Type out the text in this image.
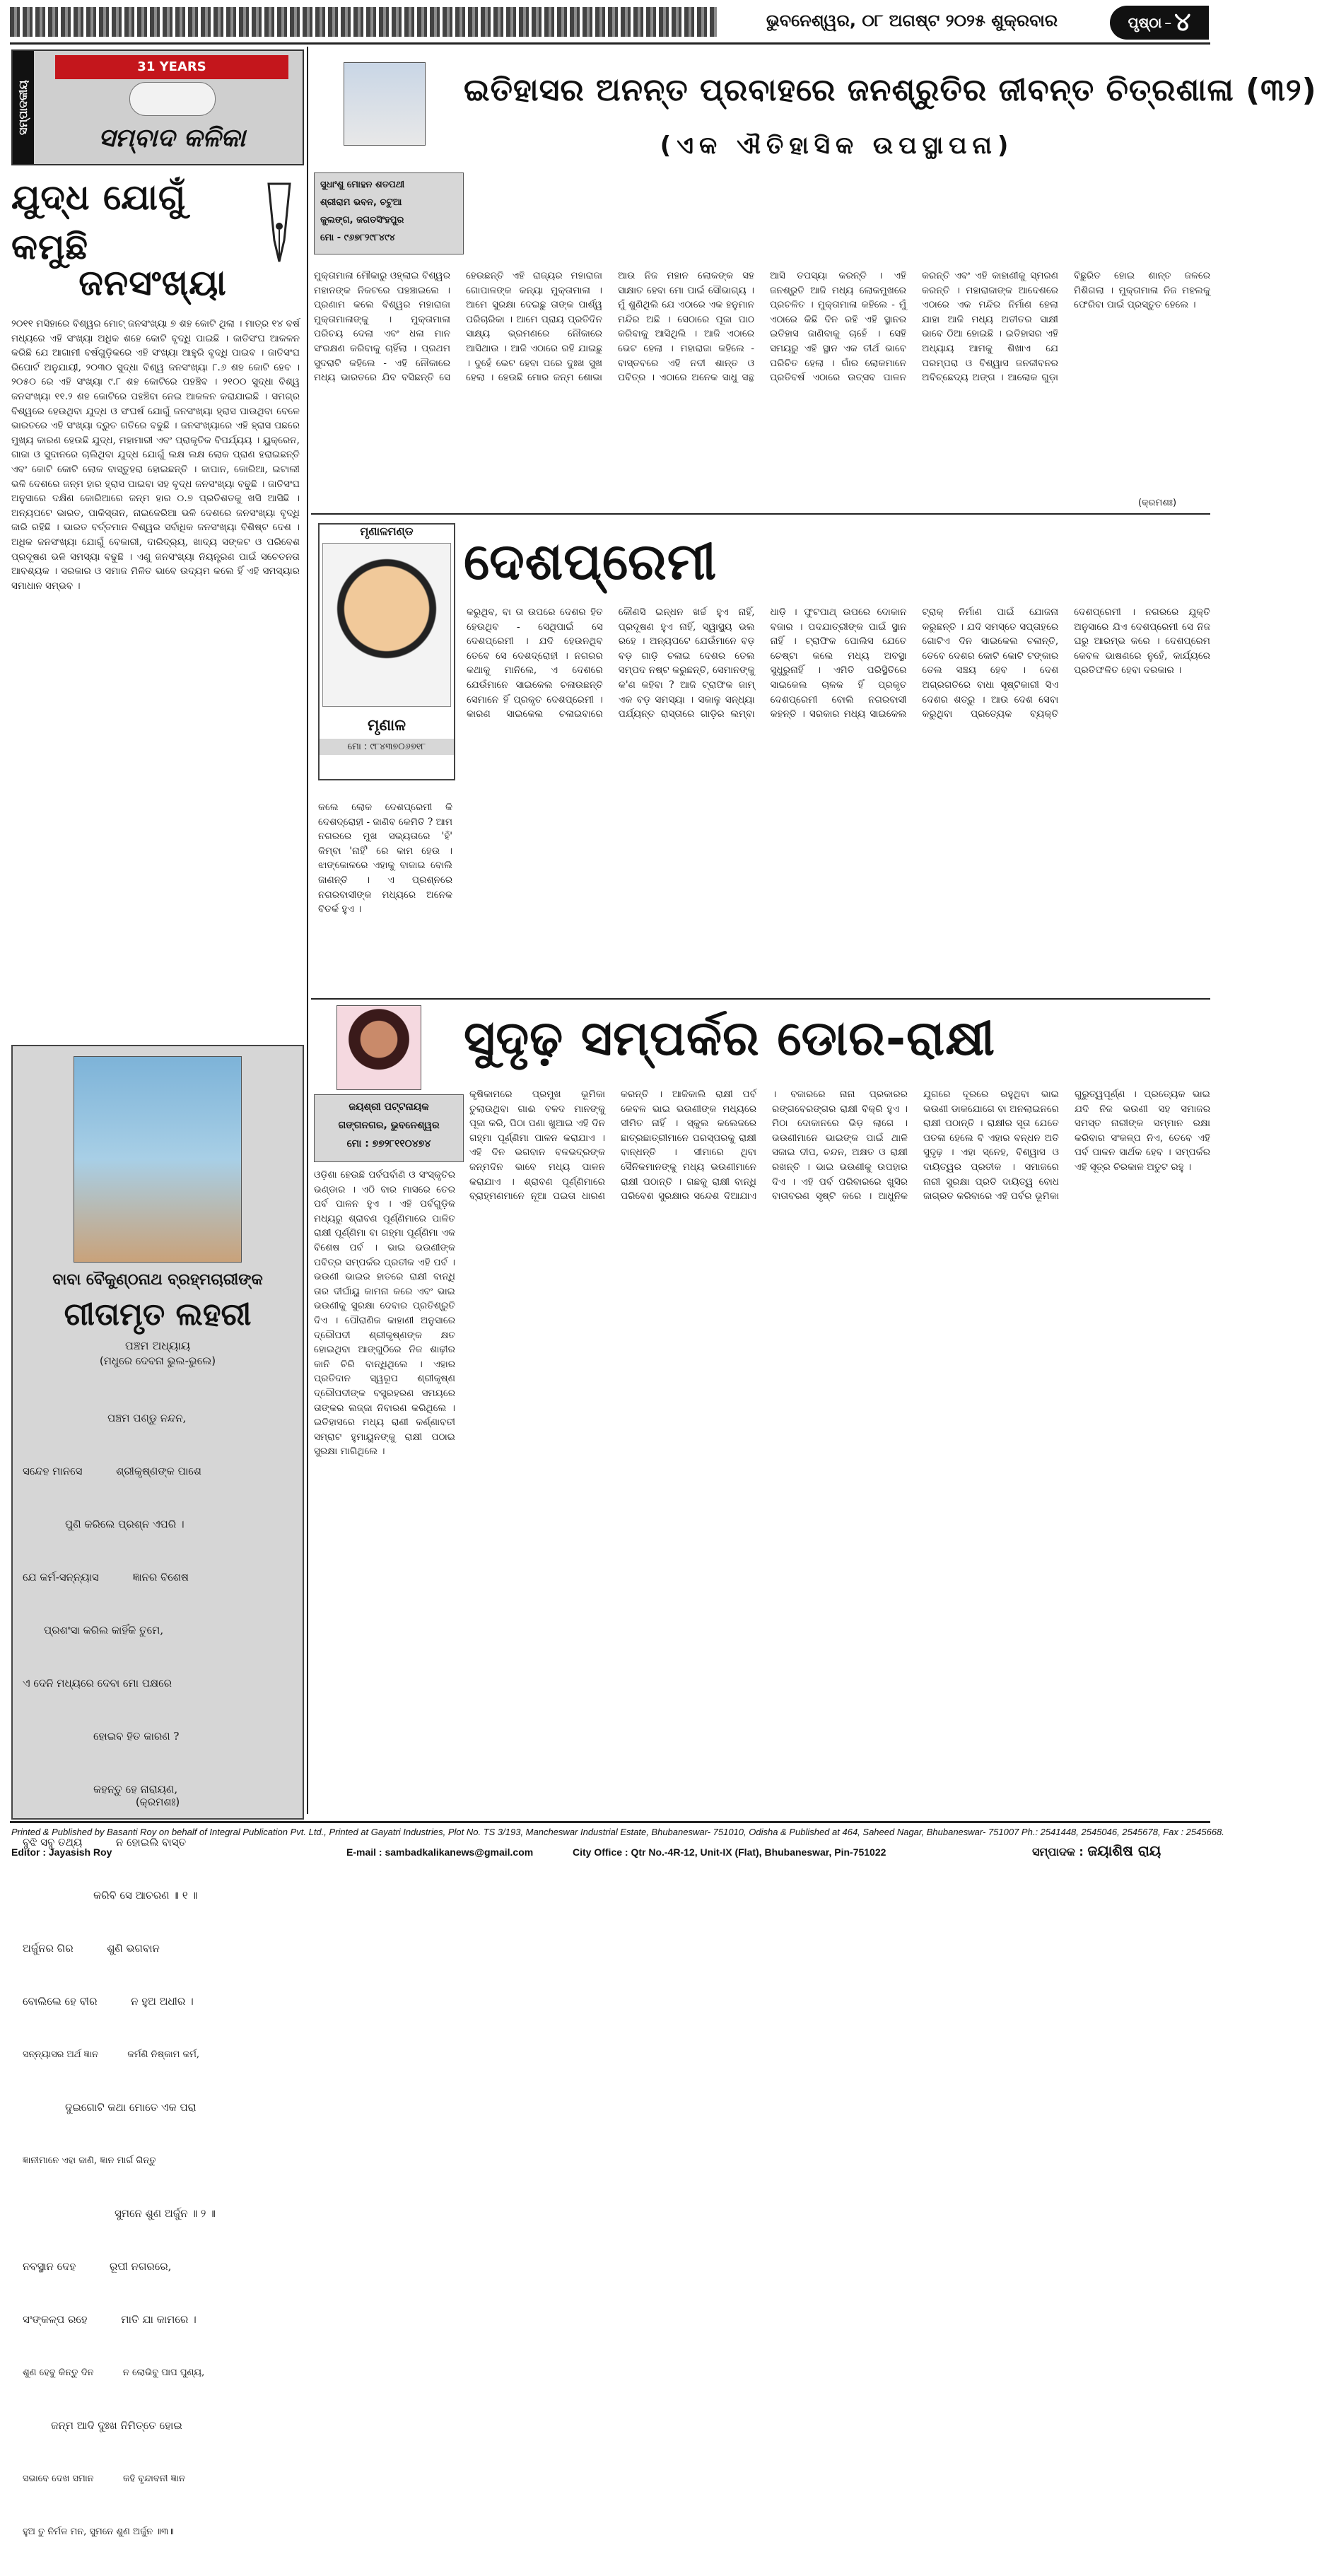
ଭୁବନେଶ୍ୱର, ୦୮ ଅଗଷ୍ଟ ୨୦୨୫ ଶୁକ୍ରବାର	ପୃଷ୍ଠା – ୪
ସମ୍ପାଦକୀୟ
31 YEARS
ସମ୍ବାଦ କଳିକା
ଯୁଦ୍ଧ ଯୋଗୁଁ କମୁଛି
ଜନସଂଖ୍ୟା
୨୦୧୧ ମସିହାରେ ବିଶ୍ୱର ମୋଟ୍ ଜନସଂଖ୍ୟା ୭ ଶହ କୋଟି ଥିଲା । ମାତ୍ର ୧୪ ବର୍ଷ ମଧ୍ୟରେ ଏହି ସଂଖ୍ୟା ଅଧିକ ଶହେ କୋଟି ବୃଦ୍ଧି ପାଇଛି । ଜାତିସଂଘ ଆକଳନ କରିଛି ଯେ ଆଗାମୀ ବର୍ଷଗୁଡ଼ିକରେ ଏହି ସଂଖ୍ୟା ଆହୁରି ବୃଦ୍ଧି ପାଇବ । ଜାତିସଂଘ ରିପୋର୍ଟ ଅନୁଯାୟୀ, ୨୦୩୦ ସୁଦ୍ଧା ବିଶ୍ୱ ଜନସଂଖ୍ୟା ୮.୬ ଶହ କୋଟି ହେବ । ୨୦୫୦ ରେ ଏହି ସଂଖ୍ୟା ୯.୮ ଶହ କୋଟିରେ ପହଞ୍ଚିବ । ୨୧୦୦ ସୁଦ୍ଧା ବିଶ୍ୱ ଜନସଂଖ୍ୟା ୧୧.୨ ଶହ କୋଟିରେ ପହଞ୍ଚିବା ନେଇ ଆକଳନ କରାଯାଇଛି । ସମଗ୍ର ବିଶ୍ୱରେ ହେଉଥିବା ଯୁଦ୍ଧ ଓ ସଂଘର୍ଷ ଯୋଗୁଁ ଜନସଂଖ୍ୟା ହ୍ରାସ ପାଉଥିବା ବେଳେ ଭାରତରେ ଏହି ସଂଖ୍ୟା ଦ୍ରୁତ ଗତିରେ ବଢୁଛି । ଜନସଂଖ୍ୟାରେ ଏହି ହ୍ରାସ ପଛରେ ମୁଖ୍ୟ କାରଣ ହେଉଛି ଯୁଦ୍ଧ, ମହାମାରୀ ଏବଂ ପ୍ରାକୃତିକ ବିପର୍ଯ୍ୟୟ । ୟୁକ୍ରେନ, ଗାଜା ଓ ସୁଦାନରେ ଚାଲିଥିବା ଯୁଦ୍ଧ ଯୋଗୁଁ ଲକ୍ଷ ଲକ୍ଷ ଲୋକ ପ୍ରାଣ ହରାଇଛନ୍ତି ଏବଂ କୋଟି କୋଟି ଲୋକ ବାସ୍ତୁହରା ହୋଇଛନ୍ତି । ଜାପାନ, କୋରିଆ, ଇଟାଲୀ ଭଳି ଦେଶରେ ଜନ୍ମ ହାର ହ୍ରାସ ପାଇବା ସହ ବୃଦ୍ଧ ଜନସଂଖ୍ୟା ବଢୁଛି । ଜାତିସଂଘ ଅନୁସାରେ ଦକ୍ଷିଣ କୋରିଆରେ ଜନ୍ମ ହାର ୦.୭ ପ୍ରତିଶତକୁ ଖସି ଆସିଛି । ଅନ୍ୟପଟେ ଭାରତ, ପାକିସ୍ତାନ, ନାଇଜେରିଆ ଭଳି ଦେଶରେ ଜନସଂଖ୍ୟା ବୃଦ୍ଧି ଜାରି ରହିଛି । ଭାରତ ବର୍ତ୍ତମାନ ବିଶ୍ୱର ସର୍ବାଧିକ ଜନସଂଖ୍ୟା ବିଶିଷ୍ଟ ଦେଶ । ଅଧିକ ଜନସଂଖ୍ୟା ଯୋଗୁଁ ବେକାରୀ, ଦାରିଦ୍ର୍ୟ, ଖାଦ୍ୟ ସଙ୍କଟ ଓ ପରିବେଶ ପ୍ରଦୂଷଣ ଭଳି ସମସ୍ୟା ବଢୁଛି । ଏଣୁ ଜନସଂଖ୍ୟା ନିୟନ୍ତ୍ରଣ ପାଇଁ ସଚେତନତା ଆବଶ୍ୟକ । ସରକାର ଓ ସମାଜ ମିଳିତ ଭାବେ ଉଦ୍ୟମ କଲେ ହିଁ ଏହି ସମସ୍ୟାର ସମାଧାନ ସମ୍ଭବ ।
ବାବା ବୈକୁଣ୍ଠନାଥ ବ୍ରହ୍ମଚାରୀଙ୍କ
ଗୀତାମୃତ ଲହରୀ
ପଞ୍ଚମ ଅଧ୍ୟାୟ
(ମଧୁରେ ଦେବନା ଭୁଲ-ଭୁଲେ)

ପଞ୍ଚମ ପଣ୍ଡୁ ନନ୍ଦନ,

ସନ୍ଦେହ ମାନସେ          ଶ୍ରୀକୃଷ୍ଣଙ୍କ ପାଶେ

ପୁଣି କରିଲେ ପ୍ରଶ୍ନ ଏପରି ।

ଯେ କର୍ମ-ସନ୍ନ୍ୟାସ          ଜ୍ଞାନର ବିଶେଷ

ପ୍ରଶଂସା କରିଲ କାହିଁକି ତୁମେ,

ଏ ଦେନି ମଧ୍ୟରେ ଦେବା ମୋ ପକ୍ଷରେ

ହୋଇବ ହିତ କାରଣ ?

କହନ୍ତୁ ହେ ନାରାୟଣ,

ବୁଝି ସବୁ ତଥ୍ୟ          ନ ହୋଇଲି ବାସ୍ତ

କରିବି ସେ ଆଚରଣ ॥ ୧ ॥

ଅର୍ଜୁନର ଗିର          ଶୁଣି ଭଗବାନ

ବୋଲିଲେ ହେ ବୀର          ନ ହୁଅ ଅଧୀର ।

ସନ୍ନ୍ୟାସର ଅର୍ଥ ଜ୍ଞାନ          କର୍ମଣି ନିଷ୍କାମ କର୍ମ,

ଦୁଇଗୋଟି କଥା ମୋତେ ଏକ ପରା

ଜ୍ଞାନୀମାନେ ଏହା ଜାଣି, ଜ୍ଞାନ ମାର୍ଗ ଗିନ୍ତୁ

ସୁମନେ ଶୁଣ ଅର୍ଜୁନ ॥ ୨ ॥

ନବସ୍ଥାନ ଦେହ          ରୂପୀ ନଗରରେ,

ସଂଙ୍କଳ୍ପ ରହେ          ମାତି ଯା କାମରେ ।

ଶୁଣ ହେବୁ କିନ୍ତୁ ଦିନ          ନ ଲୋଭିବୁ ପାପ ପୁଣ୍ୟ,

ଜନ୍ମ ଆଦି ଦୁଃଖ ନିମିତ୍ତେ ହୋଇ

ସଭାବେ ଦେଖ ସମାନ          କହି ବୃନ୍ଦାବନୀ ଜ୍ଞାନ

ହୁଅ ତୁ ନିର୍ମଳ ମନ, ସୁମନେ ଶୁଣ ଅର୍ଜୁନ ॥୩॥

(କ୍ରମଶଃ)
ସୁଧାଂଶୁ ମୋହନ ଶତପଥୀ
ଶ୍ରୀରାମ ଭବନ, ଚଟୁଆ
କୁଲଙ୍ଗ, ଜଗତସିଂହପୁର
ମୋ - ୯୬୭୮୨୯୮୪୯୪
ଇତିହାସର ଅନନ୍ତ ପ୍ରବାହରେ ଜନଶ୍ରୁତିର ଜୀବନ୍ତ ଚିତ୍ରଶାଳା (୩୨)
(ଏକ ଐତିହାସିକ ଉପସ୍ଥାପନା)
ମୁକ୍ତାମାଳା ମୌକାରୁ ଓହ୍ଲାଇ ବିଶ୍ୱର ମହାନଙ୍କ ନିକଟରେ ପହଞ୍ଚାଇଲେ । ପ୍ରଣାମ କଲେ ବିଶ୍ୱର ମହାରାଜା ମୁକ୍ତାମାଳାଙ୍କୁ । ମୁକ୍ତାମାଳା ପରିଚୟ ଦେଲା ଏବଂ ଧଳା ମାନ ସଂରକ୍ଷଣ କରିବାକୁ ଚାହିଁଲା । ପ୍ରଥମ ସୁଦରାଟି କହିଲେ - ଏହି ନୌକାରେ ମଧ୍ୟ ଭାରତରେ ଯିବ ବସିଛନ୍ତି ସେ ହେଉଛନ୍ତି ଏହି ରାଜ୍ୟର ମହାରାଜା ଗୋପାଳଙ୍କ କନ୍ୟା ମୁକ୍ତାମାଳା । ଆମେ ସୁରକ୍ଷା ଦେଇଛୁ ତାଙ୍କ ପାର୍ଶ୍ୱ ପରିଚାରିକା । ଆମେ ପ୍ରାୟ ପ୍ରତିଦିନ ସାକ୍ଷ୍ୟ ଭ୍ରମଣରେ ନୌକାରେ ଆସିଥାଉ । ଆଜି ଏଠାରେ ରହି ଯାଇଛୁ । ଦୁହେଁ ଭେଟ ହେବା ପରେ ଦୁଃଖ ସୁଖ ହେଲା । ହେଉଛି ମୋର ଜନ୍ମ ଶୋଭା ଆଉ ନିଜ ମହାନ ଲୋକଙ୍କ ସହ ସାକ୍ଷାତ ହେବା ମୋ ପାଇଁ ସୌଭାଗ୍ୟ । ମୁଁ ଶୁଣିଥିଲି ଯେ ଏଠାରେ ଏକ ହନୁମାନ ମନ୍ଦିର ଅଛି । ସେଠାରେ ପୂଜା ପାଠ କରିବାକୁ ଆସିଥିଲି । ଆଜି ଏଠାରେ ଭେଟ ହେଲା । ମହାରାଜା କହିଲେ - ବାସ୍ତବରେ ଏହି ନଦୀ ଶାନ୍ତ ଓ ପବିତ୍ର । ଏଠାରେ ଅନେକ ସାଧୁ ସନ୍ଥ ଆସି ତପସ୍ୟା କରନ୍ତି । ଏହି ଜନଶ୍ରୁତି ଆଜି ମଧ୍ୟ ଲୋକମୁଖରେ ପ୍ରଚଳିତ । ମୁକ୍ତାମାଳା କହିଲେ - ମୁଁ ଏଠାରେ କିଛି ଦିନ ରହି ଏହି ସ୍ଥାନର ଇତିହାସ ଜାଣିବାକୁ ଚାହେଁ । ସେହି ସମୟରୁ ଏହି ସ୍ଥାନ ଏକ ତୀର୍ଥ ଭାବେ ପରିଚିତ ହେଲା । ଗାଁର ଲୋକମାନେ ପ୍ରତିବର୍ଷ ଏଠାରେ ଉତ୍ସବ ପାଳନ କରନ୍ତି ଏବଂ ଏହି କାହାଣୀକୁ ସ୍ମରଣ କରନ୍ତି । ମହାରାଜାଙ୍କ ଆଦେଶରେ ଏଠାରେ ଏକ ମନ୍ଦିର ନିର୍ମାଣ ହେଲା ଯାହା ଆଜି ମଧ୍ୟ ଅତୀତର ସାକ୍ଷୀ ଭାବେ ଠିଆ ହୋଇଛି । ଇତିହାସର ଏହି ଅଧ୍ୟାୟ ଆମକୁ ଶିଖାଏ ଯେ ପରମ୍ପରା ଓ ବିଶ୍ୱାସ ଜନଜୀବନର ଅବିଚ୍ଛେଦ୍ୟ ଅଙ୍ଗ । ଆଲୋକ ଗୁଡ଼ା ବିଛୁରିତ ହୋଇ ଶାନ୍ତ ଜଳରେ ମିଶିଗଲା । ମୁକ୍ତାମାଳା ନିଜ ମହଲକୁ ଫେରିବା ପାଇଁ ପ୍ରସ୍ତୁତ ହେଲେ ।
(କ୍ରମଶଃ)
ମୃଣାଳମଣ୍ଡ
ମୃଣାଳ
ମୋ : ୯୮୪୩୭୦୬୭୧୮
ଦେଶପ୍ରେମୀ
କଲେ ଲୋକ ଦେଶପ୍ରେମୀ କି ଦେଶଦ୍ରୋହୀ - ଜାଣିବ କେମିତି ? ଆମ ନଗରରେ ମୁଖ ସଭ୍ୟତାରେ 'ହଁ' କିମ୍ବା 'ନାହିଁ' ରେ କାମ ହେଉ । ଝାଙ୍କୋଳରେ ଏହାକୁ ବାଜାଇ ବୋଲି ଜାଣନ୍ତି । ଏ ପ୍ରଶ୍ନରେ ନଗରବାସୀଙ୍କ ମଧ୍ୟରେ ଅନେକ ବିତର୍କ ହୁଏ ।
କରୁଥିବ, ବା ତା ଉପରେ ଦେଶର ହିତ ହେଉଥିବ - ସେଥିପାଇଁ ସେ ଦେଶପ୍ରେମୀ । ଯଦି ହେଉନଥିବ ତେବେ ସେ ଦେଶଦ୍ରୋହୀ । ନଗରର କଥାକୁ ମାନିଲେ, ଏ ଦେଶରେ ଯେଉଁମାନେ ସାଇକେଲ ଚଳାଉଛନ୍ତି ସେମାନେ ହିଁ ପ୍ରକୃତ ଦେଶପ୍ରେମୀ । କାରଣ ସାଇକେଲ ଚଳାଇବାରେ କୌଣସି ଇନ୍ଧନ ଖର୍ଚ୍ଚ ହୁଏ ନାହିଁ, ପ୍ରଦୂଷଣ ହୁଏ ନାହିଁ, ସ୍ୱାସ୍ଥ୍ୟ ଭଲ ରହେ । ଅନ୍ୟପଟେ ଯେଉଁମାନେ ବଡ଼ ବଡ଼ ଗାଡ଼ି ଚଳାଇ ଦେଶର ତେଲ ସମ୍ପଦ ନଷ୍ଟ କରୁଛନ୍ତି, ସେମାନଙ୍କୁ କ'ଣ କହିବା ? ଆଜି ଟ୍ରାଫିକ ଜାମ୍ ଏକ ବଡ଼ ସମସ୍ୟା । ସକାଳୁ ସନ୍ଧ୍ୟା ପର୍ଯ୍ୟନ୍ତ ରାସ୍ତାରେ ଗାଡ଼ିର ଲମ୍ବା ଧାଡ଼ି । ଫୁଟପାଥ୍ ଉପରେ ଦୋକାନ ବଜାର । ପଦଯାତ୍ରୀଙ୍କ ପାଇଁ ସ୍ଥାନ ନାହିଁ । ଟ୍ରାଫିକ ପୋଲିସ ଯେତେ ଚେଷ୍ଟା କଲେ ମଧ୍ୟ ଅବସ୍ଥା ସୁଧୁରୁନାହିଁ । ଏମିତି ପରିସ୍ଥିତିରେ ସାଇକେଲ ଚାଳକ ହିଁ ପ୍ରକୃତ ଦେଶପ୍ରେମୀ ବୋଲି ନଗରବାସୀ କହନ୍ତି । ସରକାର ମଧ୍ୟ ସାଇକେଲ ଟ୍ରାକ୍ ନିର୍ମାଣ ପାଇଁ ଯୋଜନା କରୁଛନ୍ତି । ଯଦି ସମସ୍ତେ ସପ୍ତାହରେ ଗୋଟିଏ ଦିନ ସାଇକେଲ ଚଳାନ୍ତି, ତେବେ ଦେଶର କୋଟି କୋଟି ଟଙ୍କାର ତେଲ ସଞ୍ଚୟ ହେବ । ଦେଶ ଅଗ୍ରଗତିରେ ବାଧା ସୃଷ୍ଟିକାରୀ ସିଏ ଦେଶର ଶତ୍ରୁ । ଆଉ ଦେଶ ସେବା କରୁଥିବା ପ୍ରତ୍ୟେକ ବ୍ୟକ୍ତି ଦେଶପ୍ରେମୀ । ନଗରରେ ଯୁକ୍ତି ଅନୁସାରେ ଯିଏ ଦେଶପ୍ରେମୀ ସେ ନିଜ ଘରୁ ଆରମ୍ଭ କରେ । ଦେଶପ୍ରେମ କେବଳ ଭାଷଣରେ ନୁହେଁ, କାର୍ଯ୍ୟରେ ପ୍ରତିଫଳିତ ହେବା ଦରକାର ।
ଜୟଶ୍ରୀ ପଟ୍ଟନାୟକ
ଗଙ୍ଗନଗର, ଭୁବନେଶ୍ୱର
ମୋ : ୭୭୨୮୧୧୦୪୭୪
ସୁଦୃଢ଼ ସମ୍ପର୍କର ଡୋର-ରାକ୍ଷୀ
ଓଡ଼ିଶା ହେଉଛି ପର୍ବପର୍ବାଣି ଓ ସଂସ୍କୃତିର ଭଣ୍ଡାର । ଏଠି ବାର ମାସରେ ତେର ପର୍ବ ପାଳନ ହୁଏ । ଏହି ପର୍ବଗୁଡ଼ିକ ମଧ୍ୟରୁ ଶ୍ରାବଣ ପୂର୍ଣ୍ଣିମାରେ ପାଳିତ ରାକ୍ଷୀ ପୂର୍ଣ୍ଣିମା ବା ଗହ୍ମା ପୂର୍ଣ୍ଣିମା ଏକ ବିଶେଷ ପର୍ବ । ଭାଇ ଭଉଣୀଙ୍କ ପବିତ୍ର ସମ୍ପର୍କର ପ୍ରତୀକ ଏହି ପର୍ବ । ଭଉଣୀ ଭାଇର ହାତରେ ରାକ୍ଷୀ ବାନ୍ଧି ତାର ଦୀର୍ଘାୟୁ କାମନା କରେ ଏବଂ ଭାଇ ଭଉଣୀକୁ ସୁରକ୍ଷା ଦେବାର ପ୍ରତିଶ୍ରୁତି ଦିଏ । ପୌରାଣିକ କାହାଣୀ ଅନୁସାରେ ଦ୍ରୌପଦୀ ଶ୍ରୀକୃଷ୍ଣଙ୍କ କ୍ଷତ ହୋଇଥିବା ଆଙ୍ଗୁଠିରେ ନିଜ ଶାଢ଼ୀର କାନି ଚିରି ବାନ୍ଧିଥିଲେ । ଏହାର ପ୍ରତିଦାନ ସ୍ୱରୂପ ଶ୍ରୀକୃଷ୍ଣ ଦ୍ରୌପଦୀଙ୍କ ବସ୍ତ୍ରହରଣ ସମୟରେ ତାଙ୍କର ଲଜ୍ଜା ନିବାରଣ କରିଥିଲେ । ଇତିହାସରେ ମଧ୍ୟ ରାଣୀ କର୍ଣ୍ଣାବତୀ ସମ୍ରାଟ ହୁମାୟୁନଙ୍କୁ ରାକ୍ଷୀ ପଠାଇ ସୁରକ୍ଷା ମାଗିଥିଲେ ।
କୃଷିକାମରେ ପ୍ରମୁଖ ଭୂମିକା ତୁଲାଉଥିବା ଗାଈ ବଳଦ ମାନଙ୍କୁ ପୂଜା କରି, ପିଠା ପଣା ଖୁଆଇ ଏହି ଦିନ ଗହ୍ମା ପୂର୍ଣ୍ଣିମା ପାଳନ କରାଯାଏ । ଏହି ଦିନ ଭଗବାନ ବଳଭଦ୍ରଙ୍କ ଜନ୍ମଦିନ ଭାବେ ମଧ୍ୟ ପାଳନ କରାଯାଏ । ଶ୍ରାବଣ ପୂର୍ଣ୍ଣିମାରେ ବ୍ରାହ୍ମଣମାନେ ନୂଆ ପଇତା ଧାରଣ କରନ୍ତି । ଆଜିକାଲି ରାକ୍ଷୀ ପର୍ବ କେବଳ ଭାଇ ଭଉଣୀଙ୍କ ମଧ୍ୟରେ ସୀମିତ ନାହିଁ । ସ୍କୁଲ କଲେଜରେ ଛାତ୍ରଛାତ୍ରୀମାନେ ପରସ୍ପରକୁ ରାକ୍ଷୀ ବାନ୍ଧନ୍ତି । ସୀମାରେ ଥିବା ସୈନିକମାନଙ୍କୁ ମଧ୍ୟ ଭଉଣୀମାନେ ରାକ୍ଷୀ ପଠାନ୍ତି । ଗଛକୁ ରାକ୍ଷୀ ବାନ୍ଧି ପରିବେଶ ସୁରକ୍ଷାର ସନ୍ଦେଶ ଦିଆଯାଏ । ବଜାରରେ ନାନା ପ୍ରକାରର ରଙ୍ଗବେରଙ୍ଗର ରାକ୍ଷୀ ବିକ୍ରି ହୁଏ । ମିଠା ଦୋକାନରେ ଭିଡ଼ ଲାଗେ । ଭଉଣୀମାନେ ଭାଇଙ୍କ ପାଇଁ ଥାଳି ସଜାଇ ଦୀପ, ଚନ୍ଦନ, ଅକ୍ଷତ ଓ ରାକ୍ଷୀ ରଖନ୍ତି । ଭାଇ ଭଉଣୀକୁ ଉପହାର ଦିଏ । ଏହି ପର୍ବ ପରିବାରରେ ଖୁସିର ବାତାବରଣ ସୃଷ୍ଟି କରେ । ଆଧୁନିକ ଯୁଗରେ ଦୂରରେ ରହୁଥିବା ଭାଇ ଭଉଣୀ ଡାକଯୋଗେ ବା ଅନଲାଇନରେ ରାକ୍ଷୀ ପଠାନ୍ତି । ରାକ୍ଷୀର ସୂତା ଯେତେ ପତଳା ହେଲେ ବି ଏହାର ବନ୍ଧନ ଅତି ସୁଦୃଢ଼ । ଏହା ସ୍ନେହ, ବିଶ୍ୱାସ ଓ ଦାୟିତ୍ୱର ପ୍ରତୀକ । ସମାଜରେ ନାରୀ ସୁରକ୍ଷା ପ୍ରତି ଦାୟିତ୍ୱ ବୋଧ ଜାଗ୍ରତ କରିବାରେ ଏହି ପର୍ବର ଭୂମିକା ଗୁରୁତ୍ୱପୂର୍ଣ୍ଣ । ପ୍ରତ୍ୟେକ ଭାଇ ଯଦି ନିଜ ଭଉଣୀ ସହ ସମାଜର ସମସ୍ତ ନାରୀଙ୍କ ସମ୍ମାନ ରକ୍ଷା କରିବାର ସଂକଳ୍ପ ନିଏ, ତେବେ ଏହି ପର୍ବ ପାଳନ ସାର୍ଥକ ହେବ । ସମ୍ପର୍କର ଏହି ସୂତ୍ର ଚିରକାଳ ଅତୁଟ ରହୁ ।
Printed & Published by Basanti Roy on behalf of Integral Publication Pvt. Ltd., Printed at Gayatri Industries, Plot No. TS 3/193, Mancheswar Industrial Estate, Bhubaneswar- 751010, Odisha & Published at 464, Saheed Nagar, Bhubaneswar- 751007 Ph.: 2541448, 2545046, 2545678, Fax : 2545668.
Editor : Jayasish Roy	E-mail : sambadkalikanews@gmail.com	City Office : Qtr No.-4R-12, Unit-IX (Flat), Bhubaneswar, Pin-751022	ସମ୍ପାଦକ : ଜୟାଶିଷ ରାୟ
